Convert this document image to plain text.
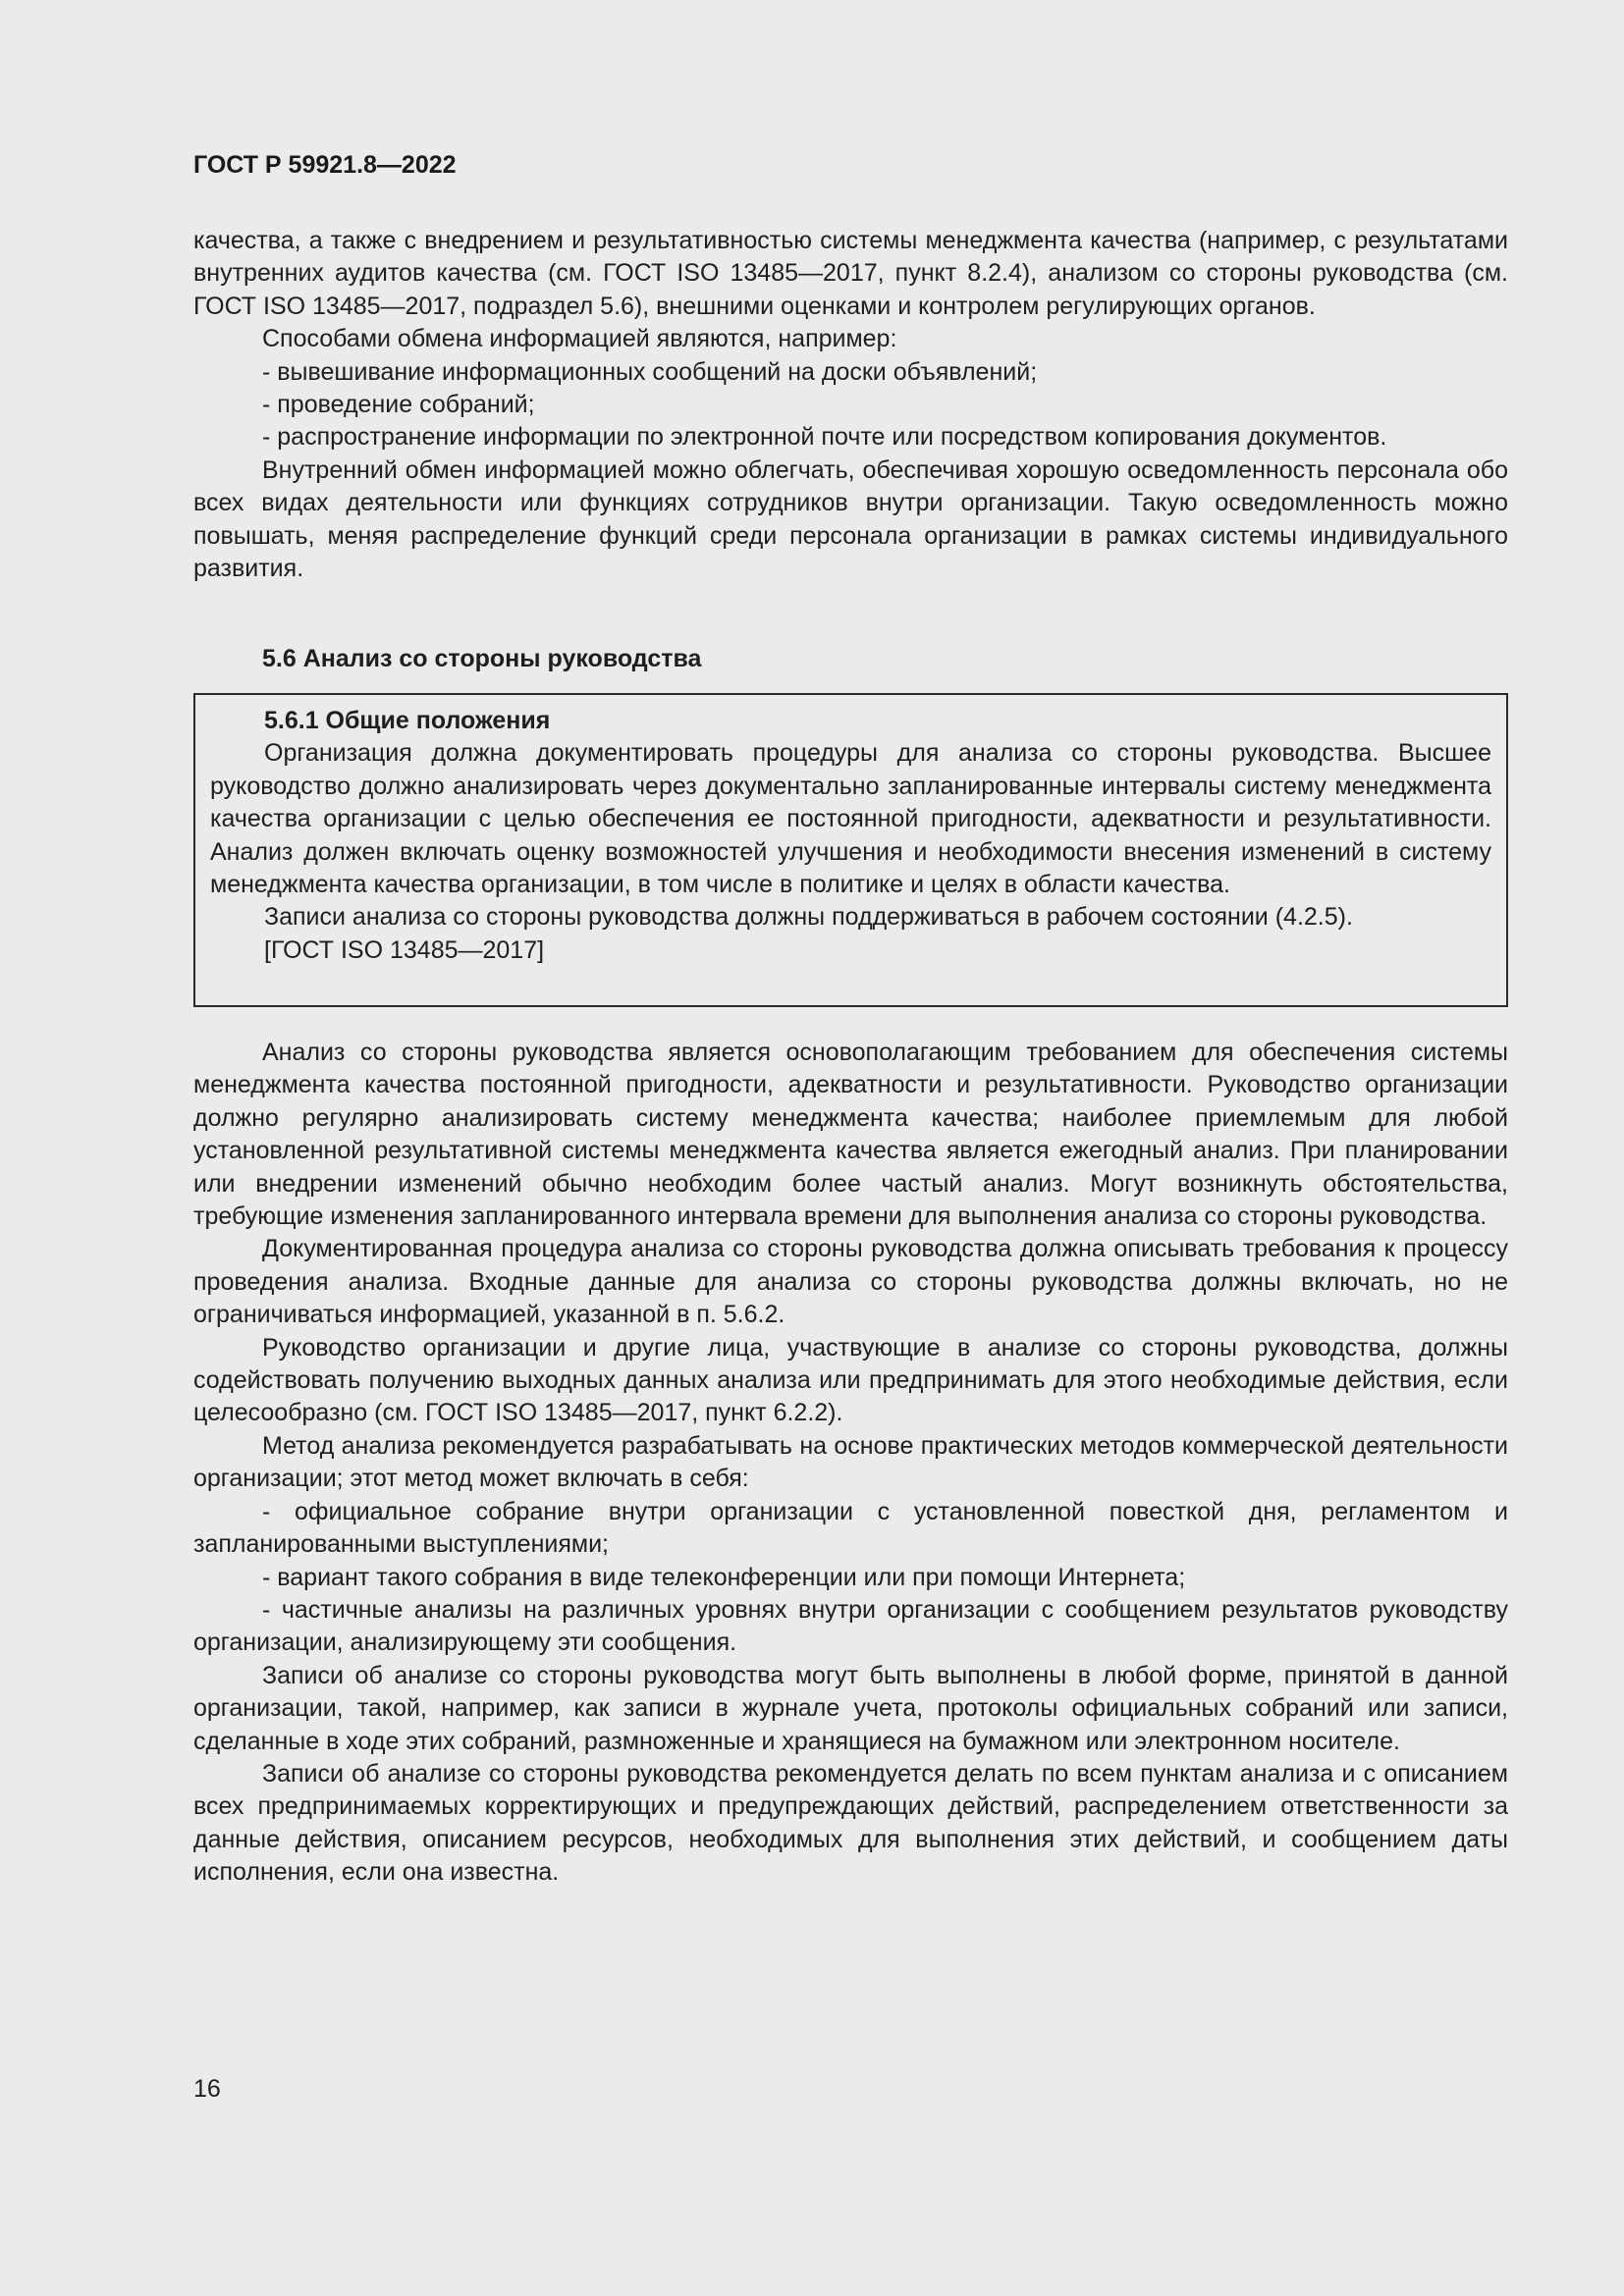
ГОСТ Р 59921.8—2022

качества, а также с внедрением и результативностью системы менеджмента качества (например, с результатами внутренних аудитов качества (см. ГОСТ ISO 13485—2017, пункт 8.2.4), анализом со стороны руководства (см. ГОСТ ISO 13485—2017, подраздел 5.6), внешними оценками и контролем регулирующих органов.

Способами обмена информацией являются, например:

- вывешивание информационных сообщений на доски объявлений;

- проведение собраний;

- распространение информации по электронной почте или посредством копирования документов.

Внутренний обмен информацией можно облегчать, обеспечивая хорошую осведомленность персонала обо всех видах деятельности или функциях сотрудников внутри организации. Такую осведомленность можно повышать, меняя распределение функций среди персонала организации в рамках системы индивидуального развития.

5.6 Анализ со стороны руководства

5.6.1 Общие положения

Организация должна документировать процедуры для анализа со стороны руководства. Высшее руководство должно анализировать через документально запланированные интервалы систему менеджмента качества организации с целью обеспечения ее постоянной пригодности, адекватности и результативности. Анализ должен включать оценку возможностей улучшения и необходимости внесения изменений в систему менеджмента качества организации, в том числе в политике и целях в области качества.

Записи анализа со стороны руководства должны поддерживаться в рабочем состоянии (4.2.5).

[ГОСТ ISO 13485—2017]

Анализ со стороны руководства является основополагающим требованием для обеспечения системы менеджмента качества постоянной пригодности, адекватности и результативности. Руководство организации должно регулярно анализировать систему менеджмента качества; наиболее приемлемым для любой установленной результативной системы менеджмента качества является ежегодный анализ. При планировании или внедрении изменений обычно необходим более частый анализ. Могут возникнуть обстоятельства, требующие изменения запланированного интервала времени для выполнения анализа со стороны руководства.

Документированная процедура анализа со стороны руководства должна описывать требования к процессу проведения анализа. Входные данные для анализа со стороны руководства должны включать, но не ограничиваться информацией, указанной в п. 5.6.2.

Руководство организации и другие лица, участвующие в анализе со стороны руководства, должны содействовать получению выходных данных анализа или предпринимать для этого необходимые действия, если целесообразно (см. ГОСТ ISO 13485—2017, пункт 6.2.2).

Метод анализа рекомендуется разрабатывать на основе практических методов коммерческой деятельности организации; этот метод может включать в себя:

- официальное собрание внутри организации с установленной повесткой дня, регламентом и запланированными выступлениями;

- вариант такого собрания в виде телеконференции или при помощи Интернета;

- частичные анализы на различных уровнях внутри организации с сообщением результатов руководству организации, анализирующему эти сообщения.

Записи об анализе со стороны руководства могут быть выполнены в любой форме, принятой в данной организации, такой, например, как записи в журнале учета, протоколы официальных собраний или записи, сделанные в ходе этих собраний, размноженные и хранящиеся на бумажном или электронном носителе.

Записи об анализе со стороны руководства рекомендуется делать по всем пунктам анализа и с описанием всех предпринимаемых корректирующих и предупреждающих действий, распределением ответственности за данные действия, описанием ресурсов, необходимых для выполнения этих действий, и сообщением даты исполнения, если она известна.

16
